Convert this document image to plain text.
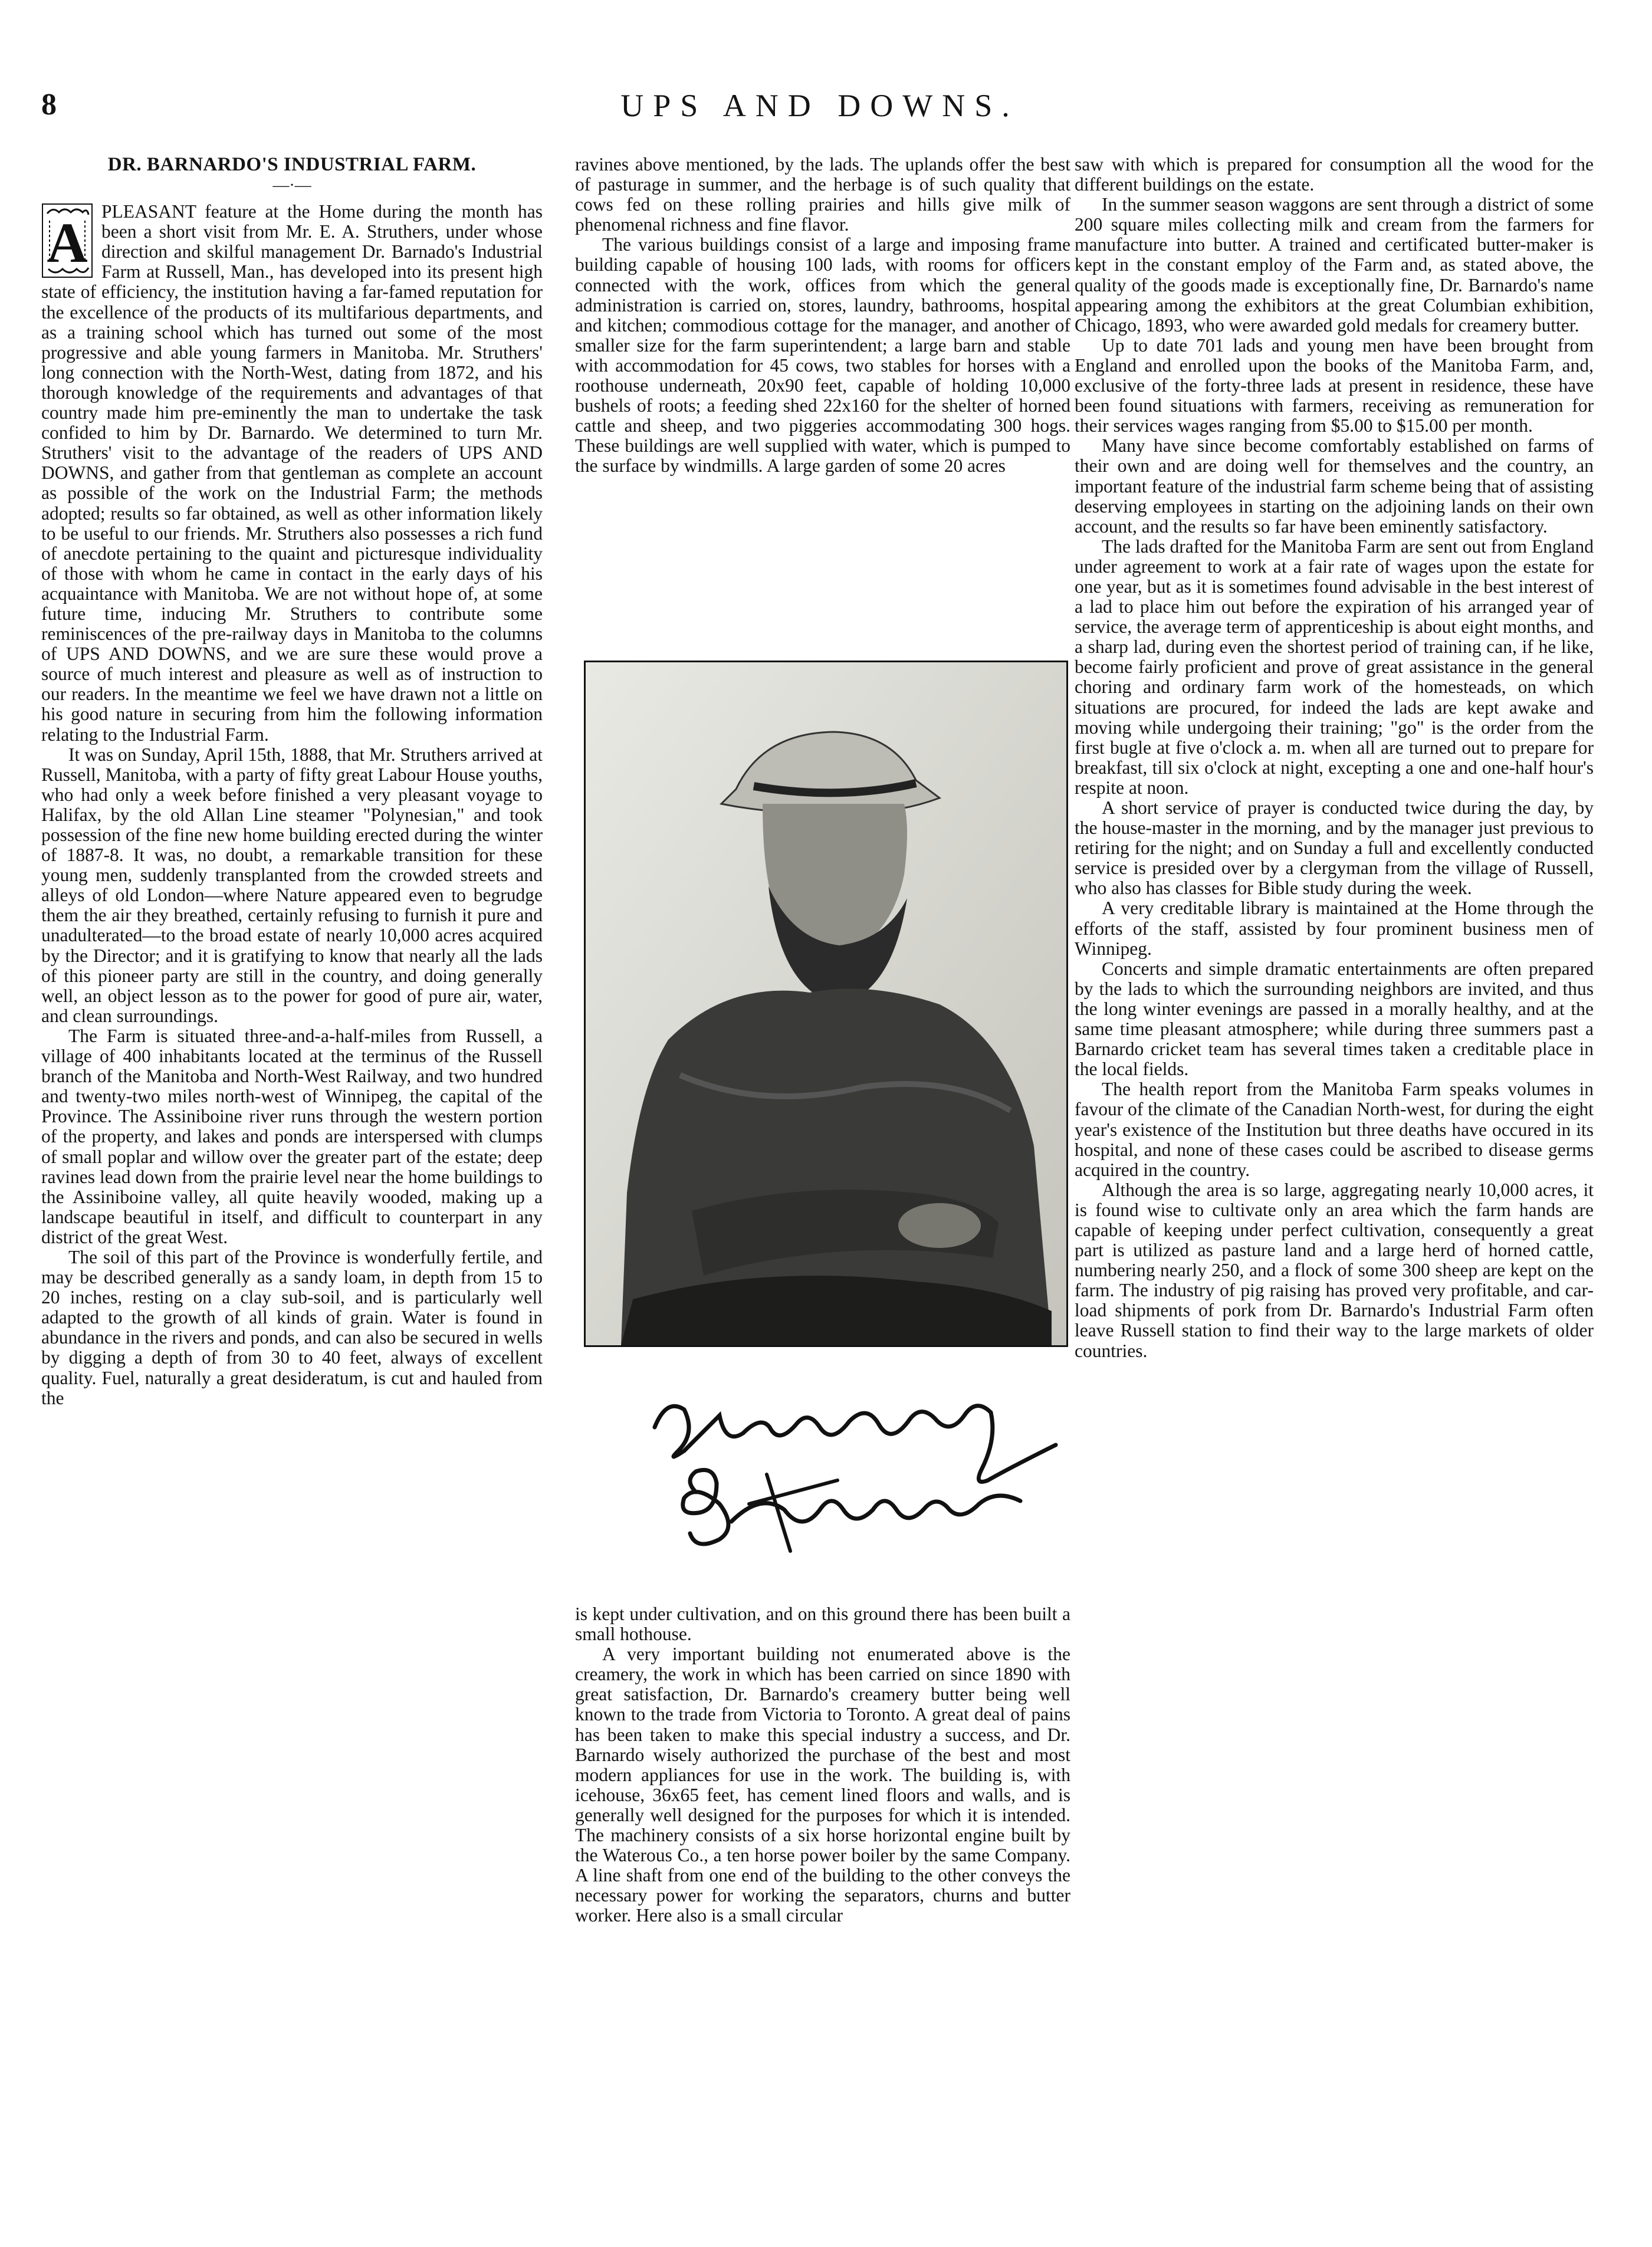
8	UPS AND DOWNS.
DR. BARNARDO'S INDUSTRIAL FARM.
—·—

A PLEASANT feature at the Home during the month has been a short visit from Mr. E. A. Struthers, under whose direction and skilful management Dr. Barnado's Industrial Farm at Russell, Man., has developed into its present high state of efficiency, the institution having a far-famed reputation for the excellence of the products of its multifarious departments, and as a training school which has turned out some of the most progressive and able young farmers in Manitoba. Mr. Struthers' long connection with the North-West, dating from 1872, and his thorough knowledge of the requirements and advantages of that country made him pre-eminently the man to undertake the task confided to him by Dr. Barnardo. We determined to turn Mr. Struthers' visit to the advantage of the readers of UPS AND DOWNS, and gather from that gentleman as complete an account as possible of the work on the Industrial Farm; the methods adopted; results so far obtained, as well as other information likely to be useful to our friends. Mr. Struthers also possesses a rich fund of anecdote pertaining to the quaint and picturesque individuality of those with whom he came in contact in the early days of his acquaintance with Manitoba. We are not without hope of, at some future time, inducing Mr. Struthers to contribute some reminiscences of the pre-railway days in Manitoba to the columns of UPS AND DOWNS, and we are sure these would prove a source of much interest and pleasure as well as of instruction to our readers. In the meantime we feel we have drawn not a little on his good nature in securing from him the following information relating to the Industrial Farm.

It was on Sunday, April 15th, 1888, that Mr. Struthers arrived at Russell, Manitoba, with a party of fifty great Labour House youths, who had only a week before finished a very pleasant voyage to Halifax, by the old Allan Line steamer "Polynesian," and took possession of the fine new home building erected during the winter of 1887-8. It was, no doubt, a remarkable transition for these young men, suddenly transplanted from the crowded streets and alleys of old London—where Nature appeared even to begrudge them the air they breathed, certainly refusing to furnish it pure and unadulterated—to the broad estate of nearly 10,000 acres acquired by the Director; and it is gratifying to know that nearly all the lads of this pioneer party are still in the country, and doing generally well, an object lesson as to the power for good of pure air, water, and clean surroundings.

The Farm is situated three-and-a-half-miles from Russell, a village of 400 inhabitants located at the terminus of the Russell branch of the Manitoba and North-West Railway, and two hundred and twenty-two miles north-west of Winnipeg, the capital of the Province. The Assiniboine river runs through the western portion of the property, and lakes and ponds are interspersed with clumps of small poplar and willow over the greater part of the estate; deep ravines lead down from the prairie level near the home buildings to the Assiniboine valley, all quite heavily wooded, making up a landscape beautiful in itself, and difficult to counterpart in any district of the great West.

The soil of this part of the Province is wonderfully fertile, and may be described generally as a sandy loam, in depth from 15 to 20 inches, resting on a clay sub-soil, and is particularly well adapted to the growth of all kinds of grain. Water is found in abundance in the rivers and ponds, and can also be secured in wells by digging a depth of from 30 to 40 feet, always of excellent quality. Fuel, naturally a great desideratum, is cut and hauled from the

ravines above mentioned, by the lads. The uplands offer the best of pasturage in summer, and the herbage is of such quality that cows fed on these rolling prairies and hills give milk of phenomenal richness and fine flavor.

The various buildings consist of a large and imposing frame building capable of housing 100 lads, with rooms for officers connected with the work, offices from which the general administration is carried on, stores, laundry, bathrooms, hospital and kitchen; commodious cottage for the manager, and another of smaller size for the farm superintendent; a large barn and stable with accommodation for 45 cows, two stables for horses with a roothouse underneath, 20x90 feet, capable of holding 10,000 bushels of roots; a feeding shed 22x160 for the shelter of horned cattle and sheep, and two piggeries accommodating 300 hogs. These buildings are well supplied with water, which is pumped to the surface by windmills. A large garden of some 20 acres

is kept under cultivation, and on this ground there has been built a small hothouse.

A very important building not enumerated above is the creamery, the work in which has been carried on since 1890 with great satisfaction, Dr. Barnardo's creamery butter being well known to the trade from Victoria to Toronto. A great deal of pains has been taken to make this special industry a success, and Dr. Barnardo wisely authorized the purchase of the best and most modern appliances for use in the work. The building is, with icehouse, 36x65 feet, has cement lined floors and walls, and is generally well designed for the purposes for which it is intended. The machinery consists of a six horse horizontal engine built by the Waterous Co., a ten horse power boiler by the same Company. A line shaft from one end of the building to the other conveys the necessary power for working the separators, churns and butter worker. Here also is a small circular

saw with which is prepared for consumption all the wood for the different buildings on the estate.

In the summer season waggons are sent through a district of some 200 square miles collecting milk and cream from the farmers for manufacture into butter. A trained and certificated butter-maker is kept in the constant employ of the Farm and, as stated above, the quality of the goods made is exceptionally fine, Dr. Barnardo's name appearing among the exhibitors at the great Columbian exhibition, Chicago, 1893, who were awarded gold medals for creamery butter.

Up to date 701 lads and young men have been brought from England and enrolled upon the books of the Manitoba Farm, and, exclusive of the forty-three lads at present in residence, these have been found situations with farmers, receiving as remuneration for their services wages ranging from $5.00 to $15.00 per month.

Many have since become comfortably established on farms of their own and are doing well for themselves and the country, an important feature of the industrial farm scheme being that of assisting deserving employees in starting on the adjoining lands on their own account, and the results so far have been eminently satisfactory.

The lads drafted for the Manitoba Farm are sent out from England under agreement to work at a fair rate of wages upon the estate for one year, but as it is sometimes found advisable in the best interest of a lad to place him out before the expiration of his arranged year of service, the average term of apprenticeship is about eight months, and a sharp lad, during even the shortest period of training can, if he like, become fairly proficient and prove of great assistance in the general choring and ordinary farm work of the homesteads, on which situations are procured, for indeed the lads are kept awake and moving while undergoing their training; "go" is the order from the first bugle at five o'clock a. m. when all are turned out to prepare for breakfast, till six o'clock at night, excepting a one and one-half hour's respite at noon.

A short service of prayer is conducted twice during the day, by the house-master in the morning, and by the manager just previous to retiring for the night; and on Sunday a full and excellently conducted service is presided over by a clergyman from the village of Russell, who also has classes for Bible study during the week.

A very creditable library is maintained at the Home through the efforts of the staff, assisted by four prominent business men of Winnipeg.

Concerts and simple dramatic entertainments are often prepared by the lads to which the surrounding neighbors are invited, and thus the long winter evenings are passed in a morally healthy, and at the same time pleasant atmosphere; while during three summers past a Barnardo cricket team has several times taken a creditable place in the local fields.

The health report from the Manitoba Farm speaks volumes in favour of the climate of the Canadian North-west, for during the eight year's existence of the Institution but three deaths have occured in its hospital, and none of these cases could be ascribed to disease germs acquired in the country.

Although the area is so large, aggregating nearly 10,000 acres, it is found wise to cultivate only an area which the farm hands are capable of keeping under perfect cultivation, consequently a great part is utilized as pasture land and a large herd of horned cattle, numbering nearly 250, and a flock of some 300 sheep are kept on the farm. The industry of pig raising has proved very profitable, and car-load shipments of pork from Dr. Barnardo's Industrial Farm often leave Russell station to find their way to the large markets of older countries.
